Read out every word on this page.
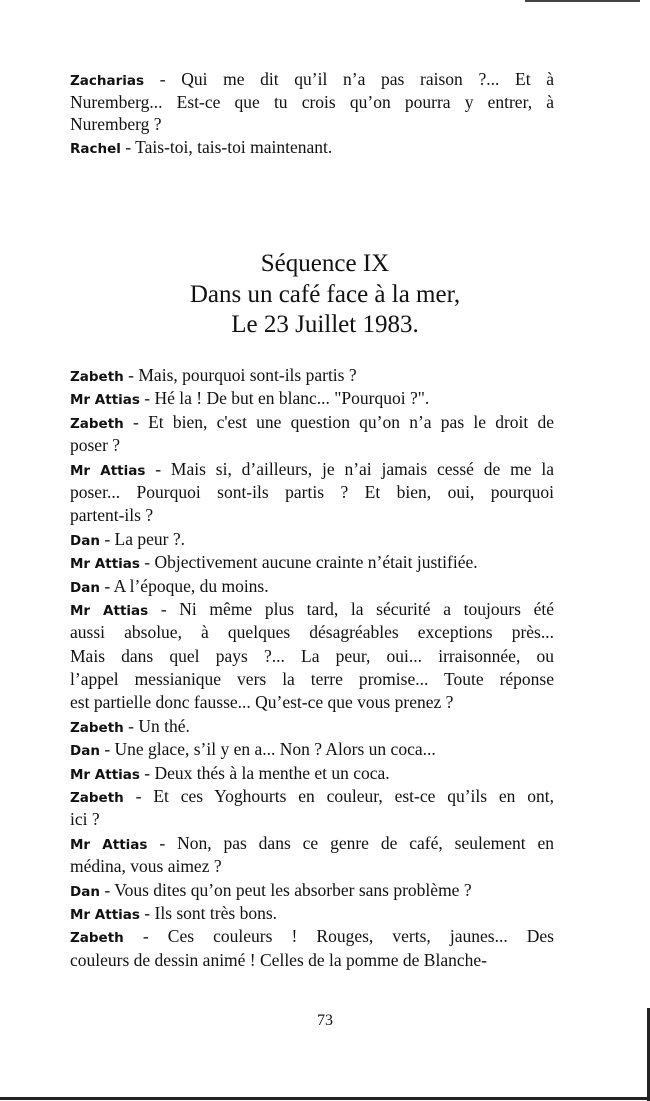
Zacharias - Qui me dit qu’il n’a pas raison ?... Et à
Nuremberg... Est-ce que tu crois qu’on pourra y entrer, à
Nuremberg ?
Rachel - Tais-toi, tais-toi maintenant.
Séquence IX
Dans un café face à la mer,
Le 23 Juillet 1983.
Zabeth - Mais, pourquoi sont-ils partis ?
Mr Attias - Hé la ! De but en blanc... "Pourquoi ?".
Zabeth - Et bien, c'est une question qu’on n’a pas le droit de
poser ?
Mr Attias - Mais si, d’ailleurs, je n’ai jamais cessé de me la
poser... Pourquoi sont-ils partis ? Et bien, oui, pourquoi
partent-ils ?
Dan - La peur ?.
Mr Attias - Objectivement aucune crainte n’était justifiée.
Dan - A l’époque, du moins.
Mr Attias - Ni même plus tard, la sécurité a toujours été
aussi absolue, à quelques désagréables exceptions près...
Mais dans quel pays ?... La peur, oui... irraisonnée, ou
l’appel messianique vers la terre promise... Toute réponse
est partielle donc fausse... Qu’est-ce que vous prenez ?
Zabeth - Un thé.
Dan - Une glace, s’il y en a... Non ? Alors un coca...
Mr Attias - Deux thés à la menthe et un coca.
Zabeth - Et ces Yoghourts en couleur, est-ce qu’ils en ont,
ici ?
Mr Attias - Non, pas dans ce genre de café, seulement en
médina, vous aimez ?
Dan - Vous dites qu’on peut les absorber sans problème ?
Mr Attias - Ils sont très bons.
Zabeth - Ces couleurs ! Rouges, verts, jaunes... Des
couleurs de dessin animé ! Celles de la pomme de Blanche-
73
